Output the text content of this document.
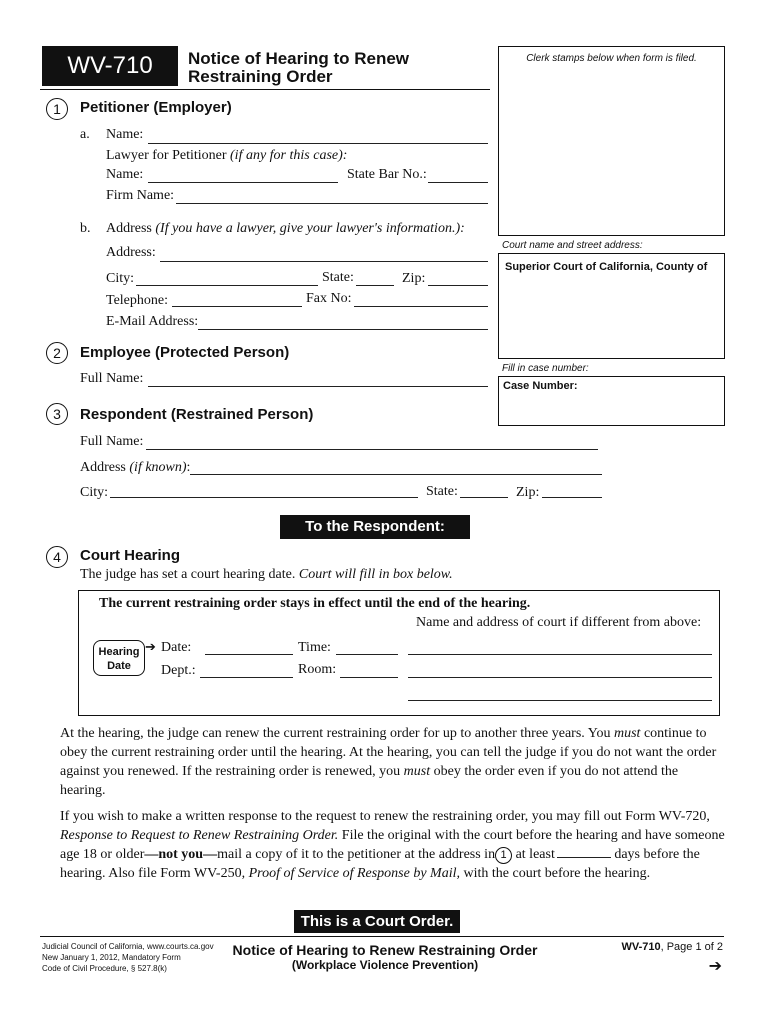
WV-710	Notice of Hearing to Renew
Restraining Order
Clerk stamps below when form is filed.
Court name and street address:
Superior Court of California, County of
Fill in case number:
Case Number:
1	Petitioner (Employer)
a. Name:
Lawyer for Petitioner (if any for this case):
Name:	State Bar No.:
Firm Name:
b. Address (If you have a lawyer, give your lawyer's information.):
Address:
City:	State:	Zip:
Telephone:	Fax No:
E-Mail Address:
2	Employee (Protected Person)
Full Name:
3	Respondent (Restrained Person)
Full Name:
Address (if known):
City:	State:	Zip:
To the Respondent:
4	Court Hearing
The judge has set a court hearing date. Court will fill in box below.
The current restraining order stays in effect until the end of the hearing.
Name and address of court if different from above:
Hearing
Date
➔ Date:	Time:
Dept.:	Room:
At the hearing, the judge can renew the current restraining order for up to another three years. You must continue to obey the current restraining order until the hearing. At the hearing, you can tell the judge if you do not want the order against you renewed. If the restraining order is renewed, you must obey the order even if you do not attend the hearing.
If you wish to make a written response to the request to renew the restraining order, you may fill out Form WV-720, Response to Request to Renew Restraining Order. File the original with the court before the hearing and have someone age 18 or older—not you—mail a copy of it to the petitioner at the address in 1 at least	days before the hearing. Also file Form WV-250, Proof of Service of Response by Mail, with the court before the hearing.
This is a Court Order.
Judicial Council of California, www.courts.ca.gov
New January 1, 2012, Mandatory Form
Code of Civil Procedure, § 527.8(k)
Notice of Hearing to Renew Restraining Order
(Workplace Violence Prevention)
WV-710, Page 1 of 2
➔
